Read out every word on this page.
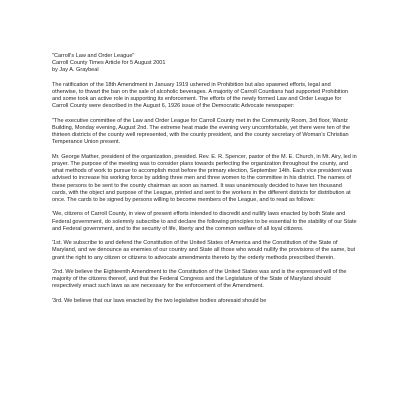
"Carroll's Law and Order League"

Carroll County Times Article for 5 August 2001

by Jay A. Graybeal

The ratification of the 18th Amendment in January 1919 ushered in Prohibition but also spawned efforts, legal and otherwise, to thwart the ban on the sale of alcoholic beverages. A majority of Carroll Countians had supported Prohibition and some took an active role in supporting its enforcement. The efforts of the newly formed Law and Order League for Carroll County were described in the August 6, 1926 issue of the Democratic Advocate newspaper:

"The executive committee of the Law and Order League for Carroll County met in the Community Room, 3rd floor, Wantz Building, Monday evening, August 2nd. The extreme heat made the evening very uncomfortable, yet there were ten of the thirteen districts of the county well represented, with the county president, and the county secretary of Woman's Christian Temperance Union present.

Mr. George Mather, president of the organization, presided. Rev. E. R. Spencer, pastor of the M. E. Church, in Mt. Airy, led in prayer. The purpose of the meeting was to consider plans towards perfecting the organization throughout the county, and what methods of work to pursue to accomplish most before the primary election, September 14th. Each vice president was advised to increase his working force by adding three men and three women to the committee in his district. The names of these persons to be sent to the county chairman as soon as named. It was unanimously decided to have ten thousand cards, with the object and purpose of the League, printed and sent to the workers in the different districts for distribution at once. The cards to be signed by persons willing to become members of the League, and to read as follows:

'We, citizens of Carroll County, in view of present efforts intended to discredit and nullify laws enacted by both State and Federal government, do solemnly subscribe to and declare the following principles to be essential to the stability of our State and Federal government, and to the security of life, liberty and the common welfare of all loyal citizens.

'1st. We subscribe to and defend the Constitution of the United States of America and the Constitution of the State of Maryland, and we denounce as enemies of our country and State all those who would nullify the provisions of the same, but grant the right to any citizen or citizens to advocate amendments thereto by the orderly methods prescribed therein.

'2nd. We believe the Eighteenth Amendment to the Constitution of the United States was and is the expressed will of the majority of the citizens thereof, and that the Federal Congress and the Legislature of the State of Maryland should respectively enact such laws as are necessary for the enforcement of the Amendment.

'3rd. We believe that our laws enacted by the two legislative bodies aforesaid should be
